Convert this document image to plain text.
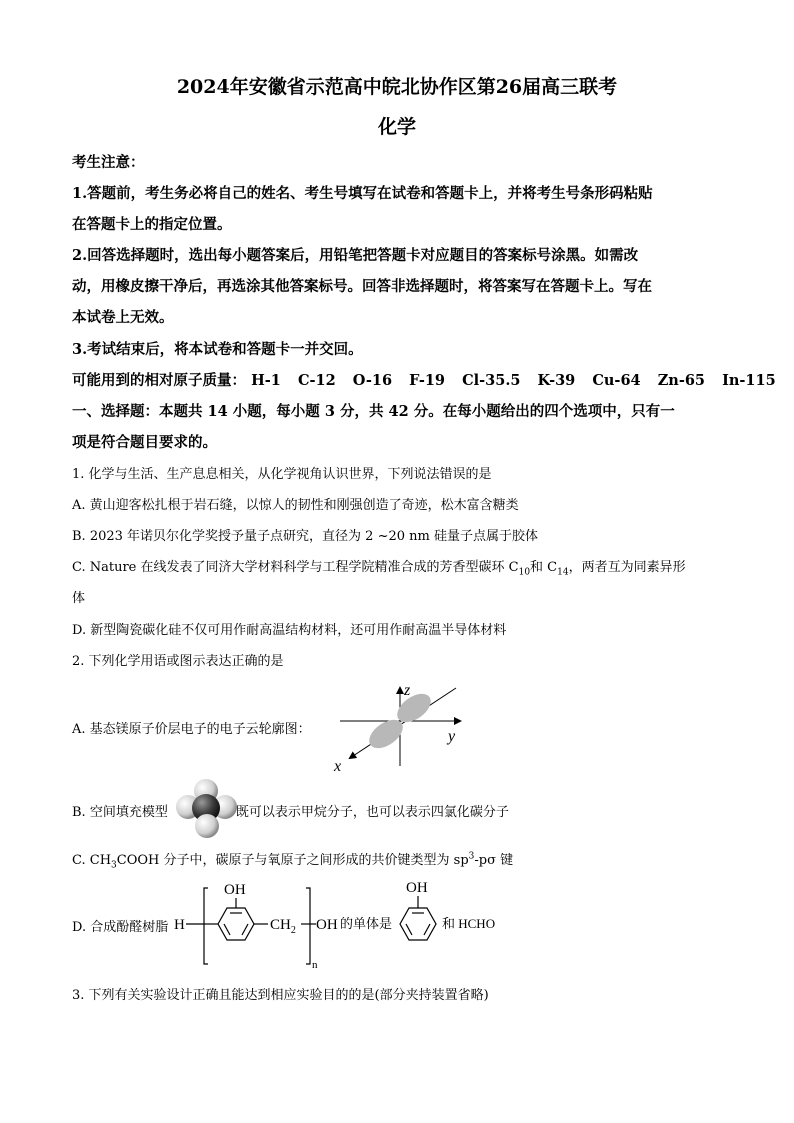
2024年安徽省示范高中皖北协作区第26届高三联考
化学
考生注意：
1.答题前，考生务必将自己的姓名、考生号填写在试卷和答题卡上，并将考生号条形码粘贴
在答题卡上的指定位置。
2.回答选择题时，选出每小题答案后，用铅笔把答题卡对应题目的答案标号涂黑。如需改
动，用橡皮擦干净后，再选涂其他答案标号。回答非选择题时，将答案写在答题卡上。写在
本试卷上无效。
3.考试结束后，将本试卷和答题卡一并交回。
可能用到的相对原子质量： H-1 C-12 O-16 F-19 Cl-35.5 K-39 Cu-64 Zn-65 In-115
一、选择题：本题共 14 小题，每小题 3 分，共 42 分。在每小题给出的四个选项中，只有一
项是符合题目要求的。
1. 化学与生活、生产息息相关，从化学视角认识世界，下列说法错误的是
A. 黄山迎客松扎根于岩石缝，以惊人的韧性和刚强创造了奇迹，松木富含糖类
B. 2023 年诺贝尔化学奖授予量子点研究，直径为 2 ~20 nm 硅量子点属于胶体
C. Nature 在线发表了同济大学材料科学与工程学院精准合成的芳香型碳环 $C_{10}$和 $C_{14}$，两者互为同素异形
体
D. 新型陶瓷碳化硅不仅可用作耐高温结构材料，还可用作耐高温半导体材料
2. 下列化学用语或图示表达正确的是
A. 基态镁原子价层电子的电子云轮廓图：
z
y
x
B. 空间填充模型	既可以表示甲烷分子，也可以表示四氯化碳分子
C. $CH_3COOH$ 分子中，碳原子与氧原子之间形成的共价键类型为 $sp^3-p\sigma$ 键
D. 合成酚醛树脂 H
OH
$CH_2$
n
OH 的单体是
OH
和 HCHO
3. 下列有关实验设计正确且能达到相应实验目的的是(部分夹持装置省略)
